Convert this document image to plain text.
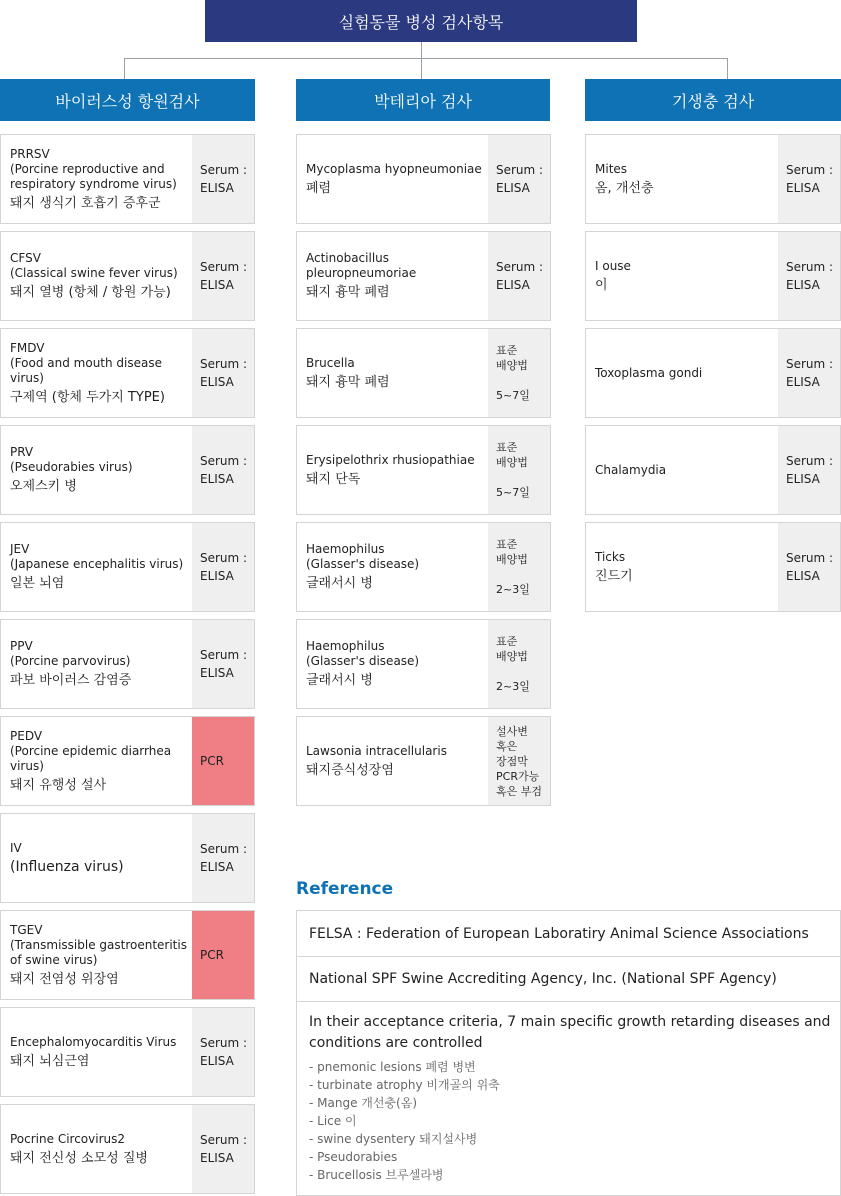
실험동물 병성 검사항목
바이러스성 항원검사	박테리아 검사	기생충 검사
PRRSV
(Porcine reproductive and
respiratory syndrome virus)
돼지 생식기 호흡기 증후군
Serum :
ELISA
CFSV
(Classical swine fever virus)
돼지 열병 (항체 / 항원 가능)
Serum :
ELISA
FMDV
(Food and mouth disease virus)
구제역 (항체 두가지 TYPE)
Serum :
ELISA
PRV
(Pseudorabies virus)
오제스키 병
Serum :
ELISA
JEV
(Japanese encephalitis virus)
일본 뇌염
Serum :
ELISA
PPV
(Porcine parvovirus)
파보 바이러스 감염증
Serum :
ELISA
PEDV
(Porcine epidemic diarrhea
virus)
돼지 유행성 설사
PCR
IV
(Influenza virus)
Serum :
ELISA
TGEV
(Transmissible gastroenteritis
of swine virus)
돼지 전염성 위장염
PCR
Encephalomyocarditis Virus
돼지 뇌심근염
Serum :
ELISA
Pocrine Circovirus2
돼지 전신성 소모성 질병
Serum :
ELISA
Mycoplasma hyopneumoniae
폐렴
Serum :
ELISA
Actinobacillus
pleuropneumoriae
돼지 흉막 폐렴
Serum :
ELISA
Brucella
돼지 흉막 폐렴
표준
배양법

5~7일
Erysipelothrix rhusiopathiae
돼지 단독
표준
배양법

5~7일
Haemophilus
(Glasser's disease)
글래서시 병
표준
배양법

2~3일
Haemophilus
(Glasser's disease)
글래서시 병
표준
배양법

2~3일
Lawsonia intracellularis
돼지증식성장염
설사변
혹은
장점막
PCR가능
혹은 부검
Mites
옴, 개선충
Serum :
ELISA
I ouse
이
Serum :
ELISA
Toxoplasma gondi
Serum :
ELISA
Chalamydia
Serum :
ELISA
Ticks
진드기
Serum :
ELISA
Reference
FELSA : Federation of European Laboratiry Animal Science Associations
National SPF Swine Accrediting Agency, Inc. (National SPF Agency)
In their acceptance criteria, 7 main specific growth retarding diseases and conditions are controlled
- pnemonic lesions 폐렴 병변
- turbinate atrophy 비개골의 위축
- Mange 개선충(옴)
- Lice 이
- swine dysentery 돼지설사병
- Pseudorabies
- Brucellosis 브루셀라병
